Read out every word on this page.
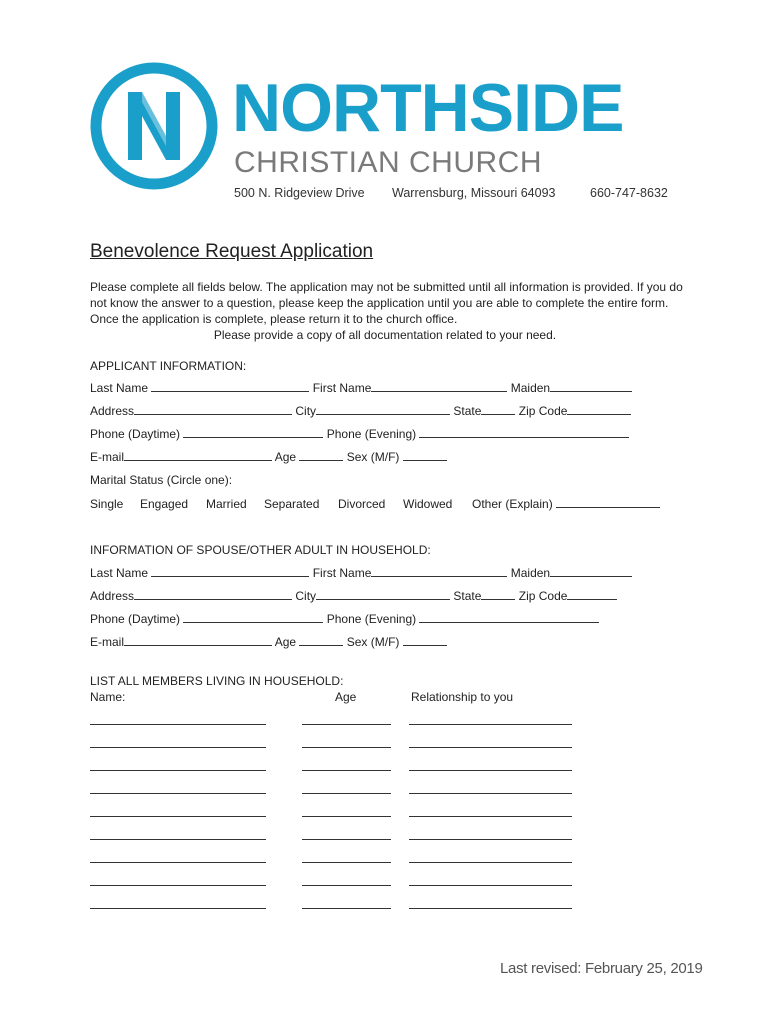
NORTHSIDE
CHRISTIAN CHURCH
500 N. Ridgeview Drive Warrensburg, Missouri 64093	660-747-8632
Benevolence Request Application
Please complete all fields below. The application may not be submitted until all information is provided. If you do not know the answer to a question, please keep the application until you are able to complete the entire form. Once the application is complete, please return it to the church office.
Please provide a copy of all documentation related to your need.
APPLICANT INFORMATION:
Last Name	First Name	Maiden
Address	City	State	Zip Code
Phone (Daytime)	Phone (Evening)
E-mail	Age	Sex (M/F)
Marital Status (Circle one):
Single Engaged Married Separated Divorced Widowed Other (Explain)
INFORMATION OF SPOUSE/OTHER ADULT IN HOUSEHOLD:
Last Name	First Name	Maiden
Address	City	State	Zip Code
Phone (Daytime)	Phone (Evening)
E-mail	Age	Sex (M/F)
LIST ALL MEMBERS LIVING IN HOUSEHOLD:
Name:	Age	Relationship to you
Last revised: February 25, 2019
